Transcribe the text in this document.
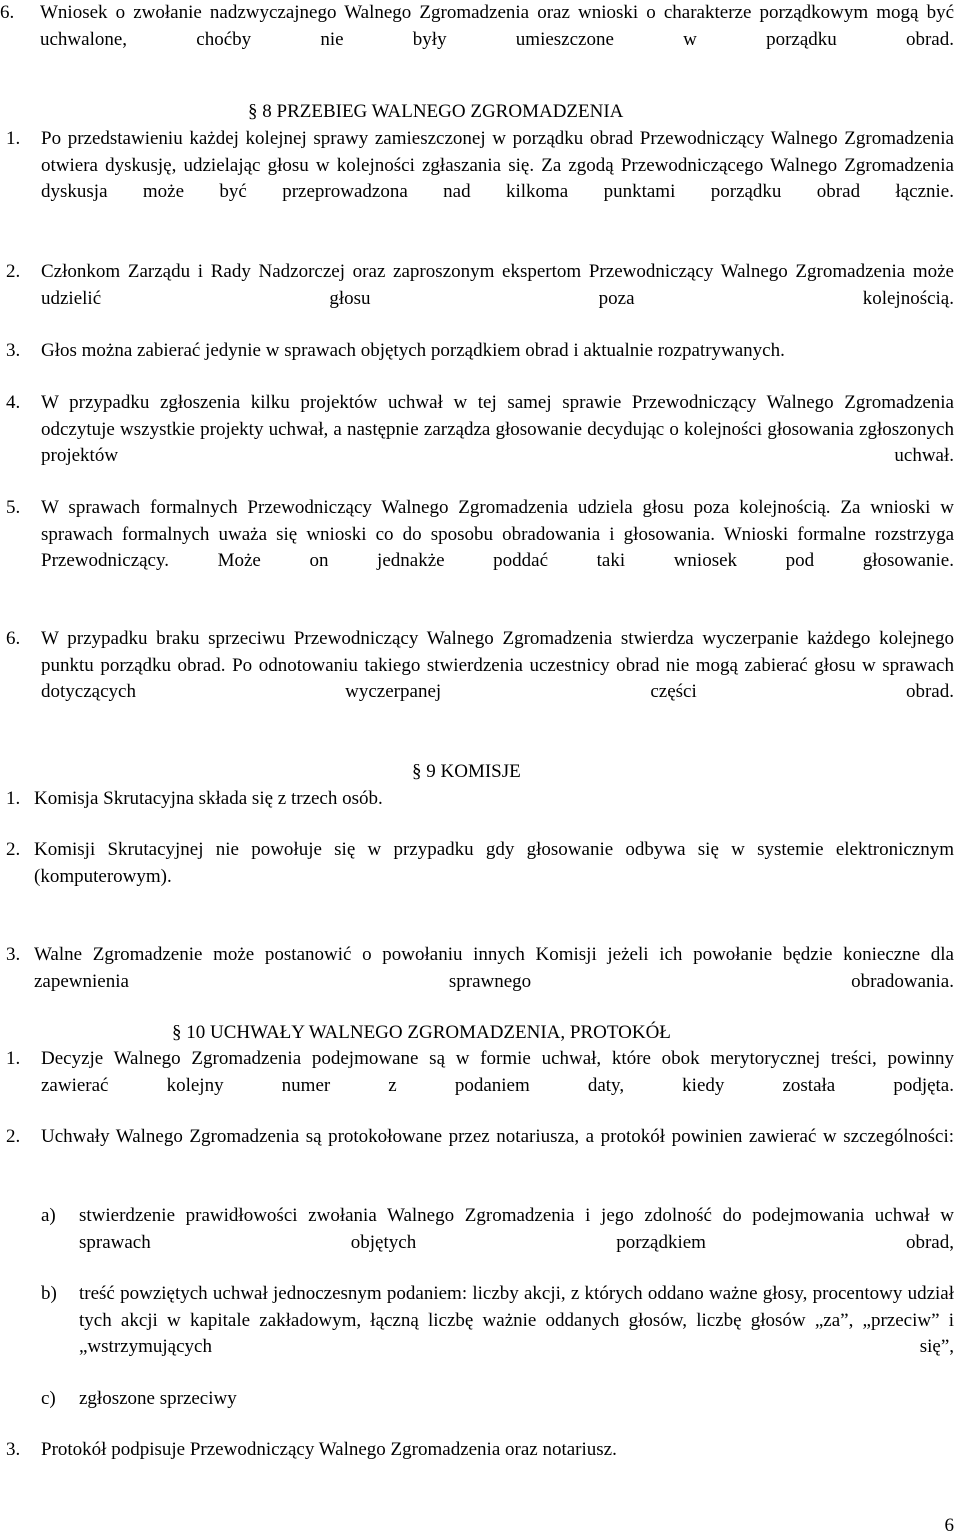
6.	Wniosek o zwołanie nadzwyczajnego Walnego Zgromadzenia oraz wnioski o charakterze porządkowym mogą być uchwalone, choćby nie były umieszczone w porządku obrad.
§ 8 PRZEBIEG WALNEGO ZGROMADZENIA
1.	Po przedstawieniu każdej kolejnej sprawy zamieszczonej w porządku obrad Przewodniczący Walnego Zgromadzenia otwiera dyskusję, udzielając głosu w kolejności zgłaszania się. Za zgodą Przewodniczącego Walnego Zgromadzenia dyskusja może być przeprowadzona nad kilkoma punktami porządku obrad łącznie.
2.	Członkom Zarządu i Rady Nadzorczej oraz zaproszonym ekspertom Przewodniczący Walnego Zgromadzenia może udzielić głosu poza kolejnością.
3.	Głos można zabierać jedynie w sprawach objętych porządkiem obrad i aktualnie rozpatrywanych.
4.	W przypadku zgłoszenia kilku projektów uchwał w tej samej sprawie Przewodniczący Walnego Zgromadzenia odczytuje wszystkie projekty uchwał, a następnie zarządza głosowanie decydując o kolejności głosowania zgłoszonych projektów uchwał.
5.	W sprawach formalnych Przewodniczący Walnego Zgromadzenia udziela głosu poza kolejnością. Za wnioski w sprawach formalnych uważa się wnioski co do sposobu obradowania i głosowania. Wnioski formalne rozstrzyga Przewodniczący. Może on jednakże poddać taki wniosek pod głosowanie.
6.	W przypadku braku sprzeciwu Przewodniczący Walnego Zgromadzenia stwierdza wyczerpanie każdego kolejnego punktu porządku obrad. Po odnotowaniu takiego stwierdzenia uczestnicy obrad nie mogą zabierać głosu w sprawach dotyczących wyczerpanej części obrad.
§ 9 KOMISJE
1. Komisja Skrutacyjna składa się z trzech osób.
2. Komisji Skrutacyjnej nie powołuje się w przypadku gdy głosowanie odbywa się w systemie elektronicznym (komputerowym).
3. Walne Zgromadzenie może postanowić o powołaniu innych Komisji jeżeli ich powołanie będzie konieczne dla zapewnienia sprawnego obradowania.
§ 10 UCHWAŁY WALNEGO ZGROMADZENIA, PROTOKÓŁ
1.	Decyzje Walnego Zgromadzenia podejmowane są w formie uchwał, które obok merytorycznej treści, powinny zawierać kolejny numer z podaniem daty, kiedy została podjęta.
2.	Uchwały Walnego Zgromadzenia są protokołowane przez notariusza, a protokół powinien zawierać w szczególności:
a)	stwierdzenie prawidłowości zwołania Walnego Zgromadzenia i jego zdolność do podejmowania uchwał w sprawach objętych porządkiem obrad,
b)	treść powziętych uchwał jednoczesnym podaniem: liczby akcji, z których oddano ważne głosy, procentowy udział tych akcji w kapitale zakładowym, łączną liczbę ważnie oddanych głosów, liczbę głosów „za”, „przeciw” i „wstrzymujących się”,
c)	zgłoszone sprzeciwy
3.	Protokół podpisuje Przewodniczący Walnego Zgromadzenia oraz notariusz.
6
